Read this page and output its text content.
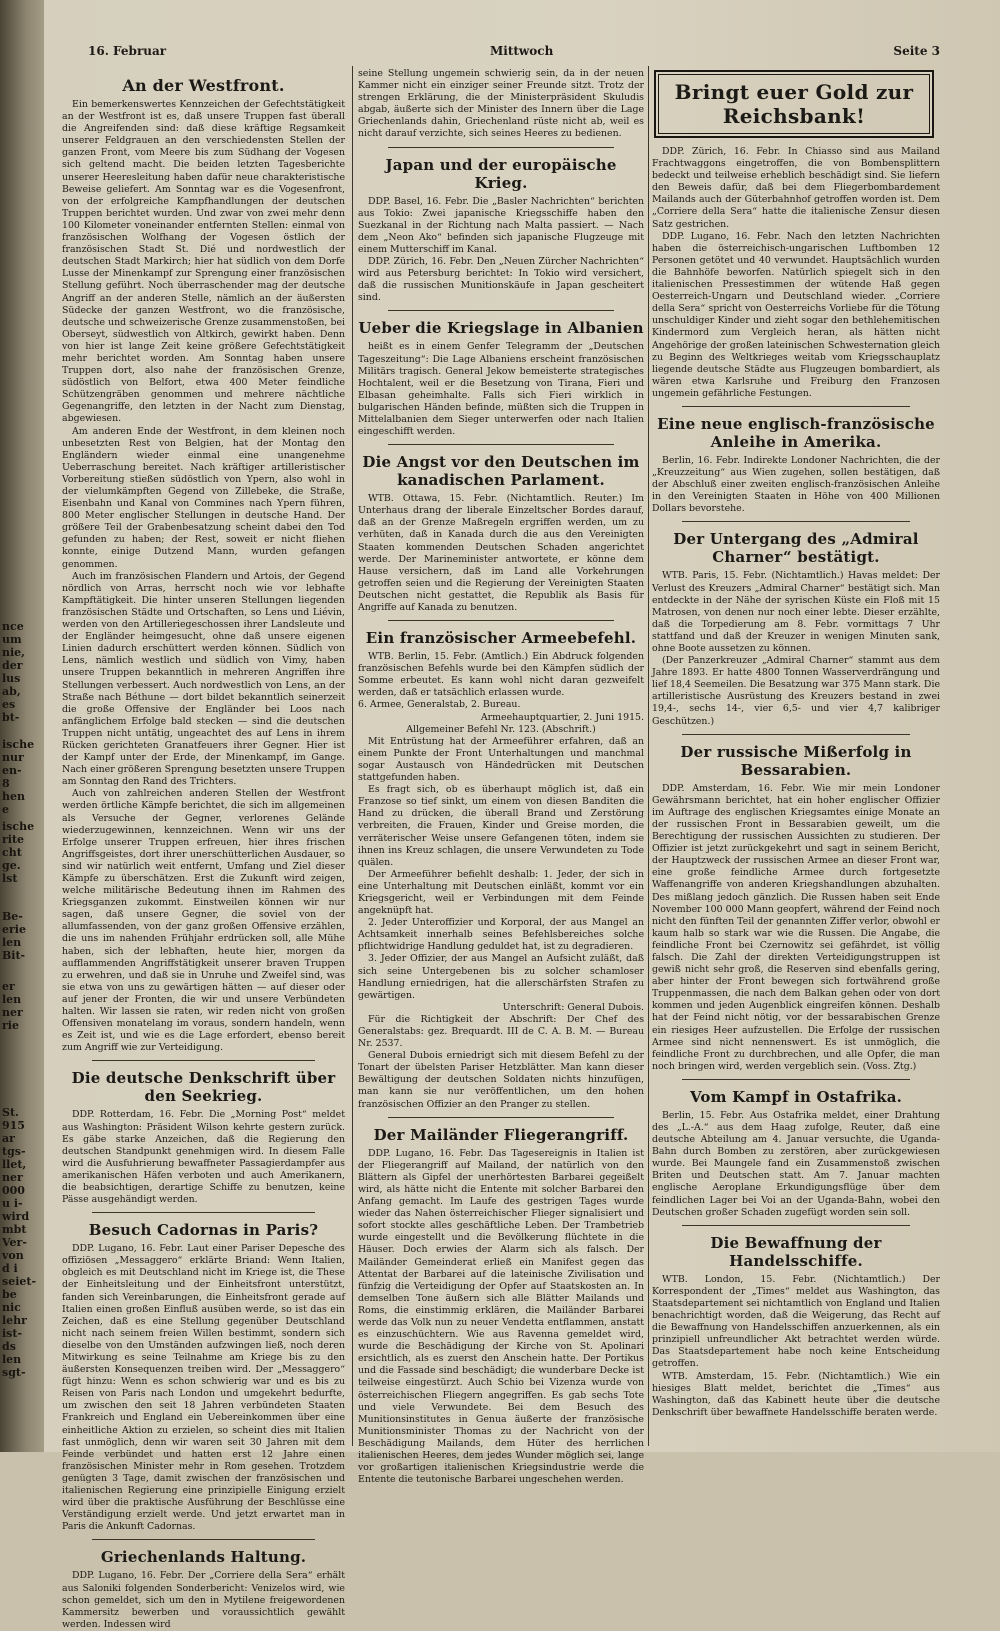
nce
um
nie,
der
lus
ab,
es
bt-
ische
nur
en-
8
hen
e
ische
rite
cht
ge.
lst
Be-
erie
len
Bit-
er
len
ner
rie
St.
915
ar
tgs-
llet,
ner
000
u i-
wird
mbt
Ver-
von
d i
seiet-
be
nic
lehr
ist-
ds
len
sgt-
16. Februar	Mittwoch	Seite 3
An der Westfront.

Ein bemerkenswertes Kennzeichen der Gefechtstätigkeit an der Westfront ist es, daß unsere Truppen fast überall die Angreifenden sind: daß diese kräftige Regsamkeit unserer Feldgrauen an den verschiedensten Stellen der ganzen Front, vom Meere bis zum Südhang der Vogesen sich geltend macht. Die beiden letzten Tagesberichte unserer Heeresleitung haben dafür neue charakteristische Beweise geliefert. Am Sonntag war es die Vogesenfront, von der erfolgreiche Kampfhandlungen der deutschen Truppen berichtet wurden. Und zwar von zwei mehr denn 100 Kilometer voneinander entfernten Stellen: einmal von französischen Wolfhang der Vogesen östlich der französischen Stadt St. Dié und nordwestlich der deutschen Stadt Markirch; hier hat südlich von dem Dorfe Lusse der Minenkampf zur Sprengung einer französischen Stellung geführt. Noch überraschender mag der deutsche Angriff an der anderen Stelle, nämlich an der äußersten Südecke der ganzen Westfront, wo die französische, deutsche und schweizerische Grenze zusammenstoßen, bei Oberseyt, südwestlich von Altkirch, gewirkt haben. Denn von hier ist lange Zeit keine größere Gefechtstätigkeit mehr berichtet worden. Am Sonntag haben unsere Truppen dort, also nahe der französischen Grenze, südöstlich von Belfort, etwa 400 Meter feindliche Schützengräben genommen und mehrere nächtliche Gegenangriffe, den letzten in der Nacht zum Dienstag, abgewiesen.

Am anderen Ende der Westfront, in dem kleinen noch unbesetzten Rest von Belgien, hat der Montag den Engländern wieder einmal eine unangenehme Ueberraschung bereitet. Nach kräftiger artilleristischer Vorbereitung stießen südöstlich von Ypern, also wohl in der vielumkämpften Gegend von Zillebeke, die Straße, Eisenbahn und Kanal von Commines nach Ypern führen, 800 Meter englischer Stellungen in deutsche Hand. Der größere Teil der Grabenbesatzung scheint dabei den Tod gefunden zu haben; der Rest, soweit er nicht fliehen konnte, einige Dutzend Mann, wurden gefangen genommen.

Auch im französischen Flandern und Artois, der Gegend nördlich von Arras, herrscht noch wie vor lebhafte Kampftätigkeit. Die hinter unseren Stellungen liegenden französischen Städte und Ortschaften, so Lens und Liévin, werden von den Artilleriegeschossen ihrer Landsleute und der Engländer heimgesucht, ohne daß unsere eigenen Linien dadurch erschüttert werden können. Südlich von Lens, nämlich westlich und südlich von Vimy, haben unsere Truppen bekanntlich in mehreren Angriffen ihre Stellungen verbessert. Auch nordwestlich von Lens, an der Straße nach Béthune — dort bildet bekanntlich seinerzeit die große Offensive der Engländer bei Loos nach anfänglichem Erfolge bald stecken — sind die deutschen Truppen nicht untätig, ungeachtet des auf Lens in ihrem Rücken gerichteten Granatfeuers ihrer Gegner. Hier ist der Kampf unter der Erde, der Minenkampf, im Gange. Nach einer größeren Sprengung besetzten unsere Truppen am Sonntag den Rand des Trichters.

Auch von zahlreichen anderen Stellen der Westfront werden örtliche Kämpfe berichtet, die sich im allgemeinen als Versuche der Gegner, verlorenes Gelände wiederzugewinnen, kennzeichnen. Wenn wir uns der Erfolge unserer Truppen erfreuen, hier ihres frischen Angriffsgeistes, dort ihrer unerschütterlichen Ausdauer, so sind wir natürlich weit entfernt, Umfang und Ziel dieser Kämpfe zu überschätzen. Erst die Zukunft wird zeigen, welche militärische Bedeutung ihnen im Rahmen des Kriegsganzen zukommt. Einstweilen können wir nur sagen, daß unsere Gegner, die soviel von der allumfassenden, von der ganz großen Offensive erzählen, die uns im nahenden Frühjahr erdrücken soll, alle Mühe haben, sich der lebhaften, heute hier, morgen da aufflammenden Angriffstätigkeit unserer braven Truppen zu erwehren, und daß sie in Unruhe und Zweifel sind, was sie etwa von uns zu gewärtigen hätten — auf dieser oder auf jener der Fronten, die wir und unsere Verbündeten halten. Wir lassen sie raten, wir reden nicht von großen Offensiven monatelang im voraus, sondern handeln, wenn es Zeit ist, und wie es die Lage erfordert, ebenso bereit zum Angriff wie zur Verteidigung.

Die deutsche Denkschrift über den Seekrieg.

DDP. Rotterdam, 16. Febr. Die „Morning Post“ meldet aus Washington: Präsident Wilson kehrte gestern zurück. Es gäbe starke Anzeichen, daß die Regierung den deutschen Standpunkt genehmigen wird. In diesem Falle wird die Ausfuhrierung bewaffneter Passagierdampfer aus amerikanischen Häfen verboten und auch Amerikanern, die beabsichtigen, derartige Schiffe zu benutzen, keine Pässe ausgehändigt werden.

Besuch Cadornas in Paris?

DDP. Lugano, 16. Febr. Laut einer Pariser Depesche des offiziösen „Messaggero“ erklärte Briand: Wenn Italien, obgleich es mit Deutschland nicht im Kriege ist, die These der Einheitsleitung und der Einheitsfront unterstützt, fanden sich Vereinbarungen, die Einheitsfront gerade auf Italien einen großen Einfluß ausüben werde, so ist das ein Zeichen, daß es eine Stellung gegenüber Deutschland nicht nach seinem freien Willen bestimmt, sondern sich dieselbe von den Umständen aufzwingen ließ, noch deren Mitwirkung es seine Teilnahme am Kriege bis zu den äußersten Konsequenzen treiben wird. Der „Messaggero“ fügt hinzu: Wenn es schon schwierig war und es bis zu Reisen von Paris nach London und umgekehrt bedurfte, um zwischen den seit 18 Jahren verbündeten Staaten Frankreich und England ein Uebereinkommen über eine einheitliche Aktion zu erzielen, so scheint dies mit Italien fast unmöglich, denn wir waren seit 30 Jahren mit dem Feinde verbündet und hatten erst 12 Jahre einen französischen Minister mehr in Rom gesehen. Trotzdem genügten 3 Tage, damit zwischen der französischen und italienischen Regierung eine prinzipielle Einigung erzielt wird über die praktische Ausführung der Beschlüsse eine Verständigung erzielt werde. Und jetzt erwartet man in Paris die Ankunft Cadornas.

Griechenlands Haltung.

DDP. Lugano, 16. Febr. Der „Corriere della Sera“ erhält aus Saloniki folgenden Sonderbericht: Venizelos wird, wie schon gemeldet, sich um den in Mytilene freigewordenen Kammersitz bewerben und voraussichtlich gewählt werden. Indessen wird

seine Stellung ungemein schwierig sein, da in der neuen Kammer nicht ein einziger seiner Freunde sitzt. Trotz der strengen Erklärung, die der Ministerpräsident Skuludis abgab, äußerte sich der Minister des Innern über die Lage Griechenlands dahin, Griechenland rüste nicht ab, weil es nicht darauf verzichte, sich seines Heeres zu bedienen.

Japan und der europäische Krieg.

DDP. Basel, 16. Febr. Die „Basler Nachrichten“ berichten aus Tokio: Zwei japanische Kriegsschiffe haben den Suezkanal in der Richtung nach Malta passiert. — Nach dem „Neon Ako“ befinden sich japanische Flugzeuge mit einem Mutterschiff im Kanal.

DDP. Zürich, 16. Febr. Den „Neuen Zürcher Nachrichten“ wird aus Petersburg berichtet: In Tokio wird versichert, daß die russischen Munitionskäufe in Japan gescheitert sind.

Ueber die Kriegslage in Albanien

heißt es in einem Genfer Telegramm der „Deutschen Tageszeitung“: Die Lage Albaniens erscheint französischen Militärs tragisch. General Jekow bemeisterte strategisches Hochtalent, weil er die Besetzung von Tirana, Fieri und Elbasan geheimhalte. Falls sich Fieri wirklich in bulgarischen Händen befinde, müßten sich die Truppen in Mittelalbanien dem Sieger unterwerfen oder nach Italien eingeschifft werden.

Die Angst vor den Deutschen im kanadischen Parlament.

WTB. Ottawa, 15. Febr. (Nichtamtlich. Reuter.) Im Unterhaus drang der liberale Einzeltscher Bordes darauf, daß an der Grenze Maßregeln ergriffen werden, um zu verhüten, daß in Kanada durch die aus den Vereinigten Staaten kommenden Deutschen Schaden angerichtet werde. Der Marineminister antwortete, er könne dem Hause versichern, daß im Land alle Vorkehrungen getroffen seien und die Regierung der Vereinigten Staaten Deutschen nicht gestattet, die Republik als Basis für Angriffe auf Kanada zu benutzen.

Ein französischer Armeebefehl.

WTB. Berlin, 15. Febr. (Amtlich.) Ein Abdruck folgenden französischen Befehls wurde bei den Kämpfen südlich der Somme erbeutet. Es kann wohl nicht daran gezweifelt werden, daß er tatsächlich erlassen wurde.

6. Armee, Generalstab, 2. Bureau.

Armeehauptquartier, 2. Juni 1915.

Allgemeiner Befehl Nr. 123. (Abschrift.)

Mit Entrüstung hat der Armeeführer erfahren, daß an einem Punkte der Front Unterhaltungen und manchmal sogar Austausch von Händedrücken mit Deutschen stattgefunden haben.

Es fragt sich, ob es überhaupt möglich ist, daß ein Franzose so tief sinkt, um einem von diesen Banditen die Hand zu drücken, die überall Brand und Zerstörung verbreiten, die Frauen, Kinder und Greise morden, die verräterischer Weise unsere Gefangenen töten, indem sie ihnen ins Kreuz schlagen, die unsere Verwundeten zu Tode quälen.

Der Armeeführer befiehlt deshalb: 1. Jeder, der sich in eine Unterhaltung mit Deutschen einläßt, kommt vor ein Kriegsgericht, weil er Verbindungen mit dem Feinde angeknüpft hat.

2. Jeder Unteroffizier und Korporal, der aus Mangel an Achtsamkeit innerhalb seines Befehlsbereiches solche pflichtwidrige Handlung geduldet hat, ist zu degradieren.

3. Jeder Offizier, der aus Mangel an Aufsicht zuläßt, daß sich seine Untergebenen bis zu solcher schamloser Handlung erniedrigen, hat die allerschärfsten Strafen zu gewärtigen.

Unterschrift: General Dubois.

Für die Richtigkeit der Abschrift: Der Chef des Generalstabs: gez. Brequardt. III de C. A. B. M. — Bureau Nr. 2537.

General Dubois erniedrigt sich mit diesem Befehl zu der Tonart der übelsten Pariser Hetzblätter. Man kann dieser Bewältigung der deutschen Soldaten nichts hinzufügen, man kann sie nur veröffentlichen, um den hohen französischen Offizier an den Pranger zu stellen.

Der Mailänder Fliegerangriff.

DDP. Lugano, 16. Febr. Das Tagesereignis in Italien ist der Fliegerangriff auf Mailand, der natürlich von den Blättern als Gipfel der unerhörtesten Barbarei gegeißelt wird, als hätte nicht die Entente mit solcher Barbarei den Anfang gemacht. Im Laufe des gestrigen Tages wurde wieder das Nahen österreichischer Flieger signalisiert und sofort stockte alles geschäftliche Leben. Der Trambetrieb wurde eingestellt und die Bevölkerung flüchtete in die Häuser. Doch erwies der Alarm sich als falsch. Der Mailänder Gemeinderat erließ ein Manifest gegen das Attentat der Barbarei auf die lateinische Zivilisation und fünfzig die Verteidigung der Opfer auf Staatskosten an. In demselben Tone äußern sich alle Blätter Mailands und Roms, die einstimmig erklären, die Mailänder Barbarei werde das Volk nun zu neuer Vendetta entflammen, anstatt es einzuschüchtern. Wie aus Ravenna gemeldet wird, wurde die Beschädigung der Kirche von St. Apolinari ersichtlich, als es zuerst den Anschein hatte. Der Portikus und die Fassade sind beschädigt; die wunderbare Decke ist teilweise eingestürzt. Auch Schio bei Vizenza wurde von österreichischen Fliegern angegriffen. Es gab sechs Tote und viele Verwundete. Bei dem Besuch des Munitionsinstitutes in Genua äußerte der französische Munitionsminister Thomas zu der Nachricht von der Beschädigung Mailands, dem Hüter des herrlichen italienischen Heeres, dem jedes Wunder möglich sei, lange vor großartigen italienischen Kriegsindustrie werde die Entente die teutonische Barbarei ungeschehen werden.

Bringt euer Gold zur Reichsbank!

DDP. Zürich, 16. Febr. In Chiasso sind aus Mailand Frachtwaggons eingetroffen, die von Bombensplittern bedeckt und teilweise erheblich beschädigt sind. Sie liefern den Beweis dafür, daß bei dem Fliegerbombardement Mailands auch der Güterbahnhof getroffen worden ist. Dem „Corriere della Sera“ hatte die italienische Zensur diesen Satz gestrichen.

DDP. Lugano, 16. Febr. Nach den letzten Nachrichten haben die österreichisch-ungarischen Luftbomben 12 Personen getötet und 40 verwundet. Hauptsächlich wurden die Bahnhöfe beworfen. Natürlich spiegelt sich in den italienischen Pressestimmen der wütende Haß gegen Oesterreich-Ungarn und Deutschland wieder. „Corriere della Sera“ spricht von Oesterreichs Vorliebe für die Tötung unschuldiger Kinder und zieht sogar den bethlehemitischen Kindermord zum Vergleich heran, als hätten nicht Angehörige der großen lateinischen Schwesternation gleich zu Beginn des Weltkrieges weitab vom Kriegsschauplatz liegende deutsche Städte aus Flugzeugen bombardiert, als wären etwa Karlsruhe und Freiburg den Franzosen ungemein gefährliche Festungen.

Eine neue englisch-französische Anleihe in Amerika.

Berlin, 16. Febr. Indirekte Londoner Nachrichten, die der „Kreuzzeitung“ aus Wien zugehen, sollen bestätigen, daß der Abschluß einer zweiten englisch-französischen Anleihe in den Vereinigten Staaten in Höhe von 400 Millionen Dollars bevorstehe.

Der Untergang des „Admiral Charner“ bestätigt.

WTB. Paris, 15. Febr. (Nichtamtlich.) Havas meldet: Der Verlust des Kreuzers „Admiral Charner“ bestätigt sich. Man entdeckte in der Nähe der syrischen Küste ein Floß mit 15 Matrosen, von denen nur noch einer lebte. Dieser erzählte, daß die Torpedierung am 8. Febr. vormittags 7 Uhr stattfand und daß der Kreuzer in wenigen Minuten sank, ohne Boote aussetzen zu können.

(Der Panzerkreuzer „Admiral Charner“ stammt aus dem Jahre 1893. Er hatte 4800 Tonnen Wasserverdrängung und lief 18,4 Seemeilen. Die Besatzung war 375 Mann stark. Die artilleristische Ausrüstung des Kreuzers bestand in zwei 19,4-, sechs 14-, vier 6,5- und vier 4,7 kalibriger Geschützen.)

Der russische Mißerfolg in Bessarabien.

DDP. Amsterdam, 16. Febr. Wie mir mein Londoner Gewährsmann berichtet, hat ein hoher englischer Offizier im Auftrage des englischen Kriegsamtes einige Monate an der russischen Front in Bessarabien geweilt, um die Berechtigung der russischen Aussichten zu studieren. Der Offizier ist jetzt zurückgekehrt und sagt in seinem Bericht, der Hauptzweck der russischen Armee an dieser Front war, eine große feindliche Armee durch fortgesetzte Waffenangriffe von anderen Kriegshandlungen abzuhalten. Des mißlang jedoch gänzlich. Die Russen haben seit Ende November 100 000 Mann geopfert, während der Feind noch nicht den fünften Teil der genannten Ziffer verlor, obwohl er kaum halb so stark war wie die Russen. Die Angabe, die feindliche Front bei Czernowitz sei gefährdet, ist völlig falsch. Die Zahl der direkten Verteidigungstruppen ist gewiß nicht sehr groß, die Reserven sind ebenfalls gering, aber hinter der Front bewegen sich fortwährend große Truppenmassen, die nach dem Balkan gehen oder von dort kommen und jeden Augenblick eingreifen können. Deshalb hat der Feind nicht nötig, vor der bessarabischen Grenze ein riesiges Heer aufzustellen. Die Erfolge der russischen Armee sind nicht nennenswert. Es ist unmöglich, die feindliche Front zu durchbrechen, und alle Opfer, die man noch bringen wird, werden vergeblich sein. (Voss. Ztg.)

Vom Kampf in Ostafrika.

Berlin, 15. Febr. Aus Ostafrika meldet, einer Drahtung des „L.-A.“ aus dem Haag zufolge, Reuter, daß eine deutsche Abteilung am 4. Januar versuchte, die Uganda-Bahn durch Bomben zu zerstören, aber zurückgewiesen wurde. Bei Maungele fand ein Zusammenstoß zwischen Briten und Deutschen statt. Am 7. Januar machten englische Aeroplane Erkundigungsflüge über dem feindlichen Lager bei Voi an der Uganda-Bahn, wobei den Deutschen großer Schaden zugefügt worden sein soll.

Die Bewaffnung der Handelsschiffe.

WTB. London, 15. Febr. (Nichtamtlich.) Der Korrespondent der „Times“ meldet aus Washington, das Staatsdepartement sei nichtamtlich von England und Italien benachrichtigt worden, daß die Weigerung, das Recht auf die Bewaffnung von Handelsschiffen anzuerkennen, als ein prinzipiell unfreundlicher Akt betrachtet werden würde. Das Staatsdepartement habe noch keine Entscheidung getroffen.

WTB. Amsterdam, 15. Febr. (Nichtamtlich.) Wie ein hiesiges Blatt meldet, berichtet die „Times“ aus Washington, daß das Kabinett heute über die deutsche Denkschrift über bewaffnete Handelsschiffe beraten werde.
